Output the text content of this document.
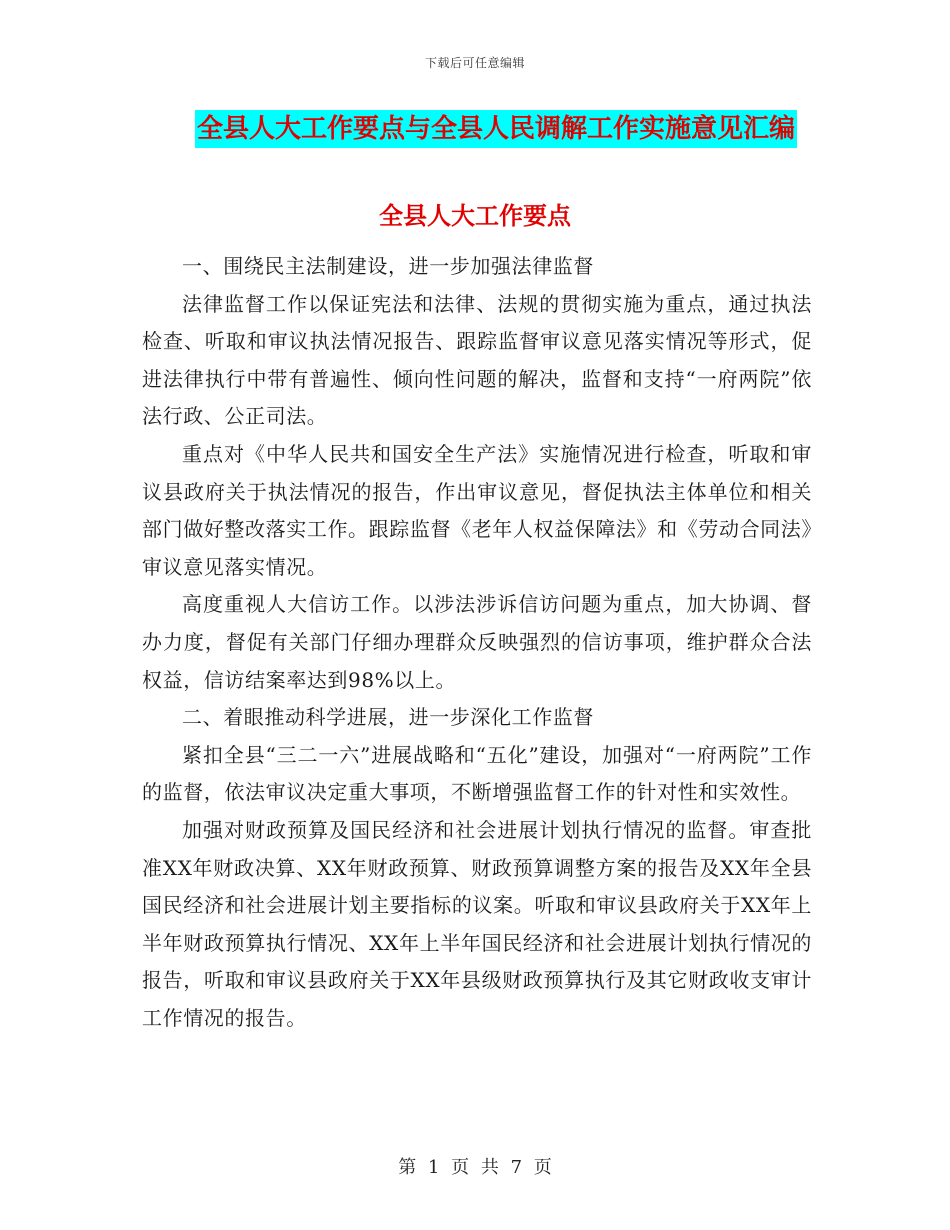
下载后可任意编辑
全县人大工作要点与全县人民调解工作实施意见汇编
全县人大工作要点

一、围绕民主法制建设，进一步加强法律监督

法律监督工作以保证宪法和法律、法规的贯彻实施为重点，通过执法检查、听取和审议执法情况报告、跟踪监督审议意见落实情况等形式，促进法律执行中带有普遍性、倾向性问题的解决，监督和支持“一府两院”依法行政、公正司法。

重点对《中华人民共和国安全生产法》实施情况进行检查，听取和审议县政府关于执法情况的报告，作出审议意见，督促执法主体单位和相关部门做好整改落实工作。跟踪监督《老年人权益保障法》和《劳动合同法》审议意见落实情况。

高度重视人大信访工作。以涉法涉诉信访问题为重点，加大协调、督办力度，督促有关部门仔细办理群众反映强烈的信访事项，维护群众合法权益，信访结案率达到98%以上。

二、着眼推动科学进展，进一步深化工作监督

紧扣全县“三二一六”进展战略和“五化”建设，加强对“一府两院”工作的监督，依法审议决定重大事项，不断增强监督工作的针对性和实效性。

加强对财政预算及国民经济和社会进展计划执行情况的监督。审查批准XX年财政决算、XX年财政预算、财政预算调整方案的报告及XX年全县国民经济和社会进展计划主要指标的议案。听取和审议县政府关于XX年上半年财政预算执行情况、XX年上半年国民经济和社会进展计划执行情况的报告，听取和审议县政府关于XX年县级财政预算执行及其它财政收支审计工作情况的报告。

第 1 页 共 7 页
